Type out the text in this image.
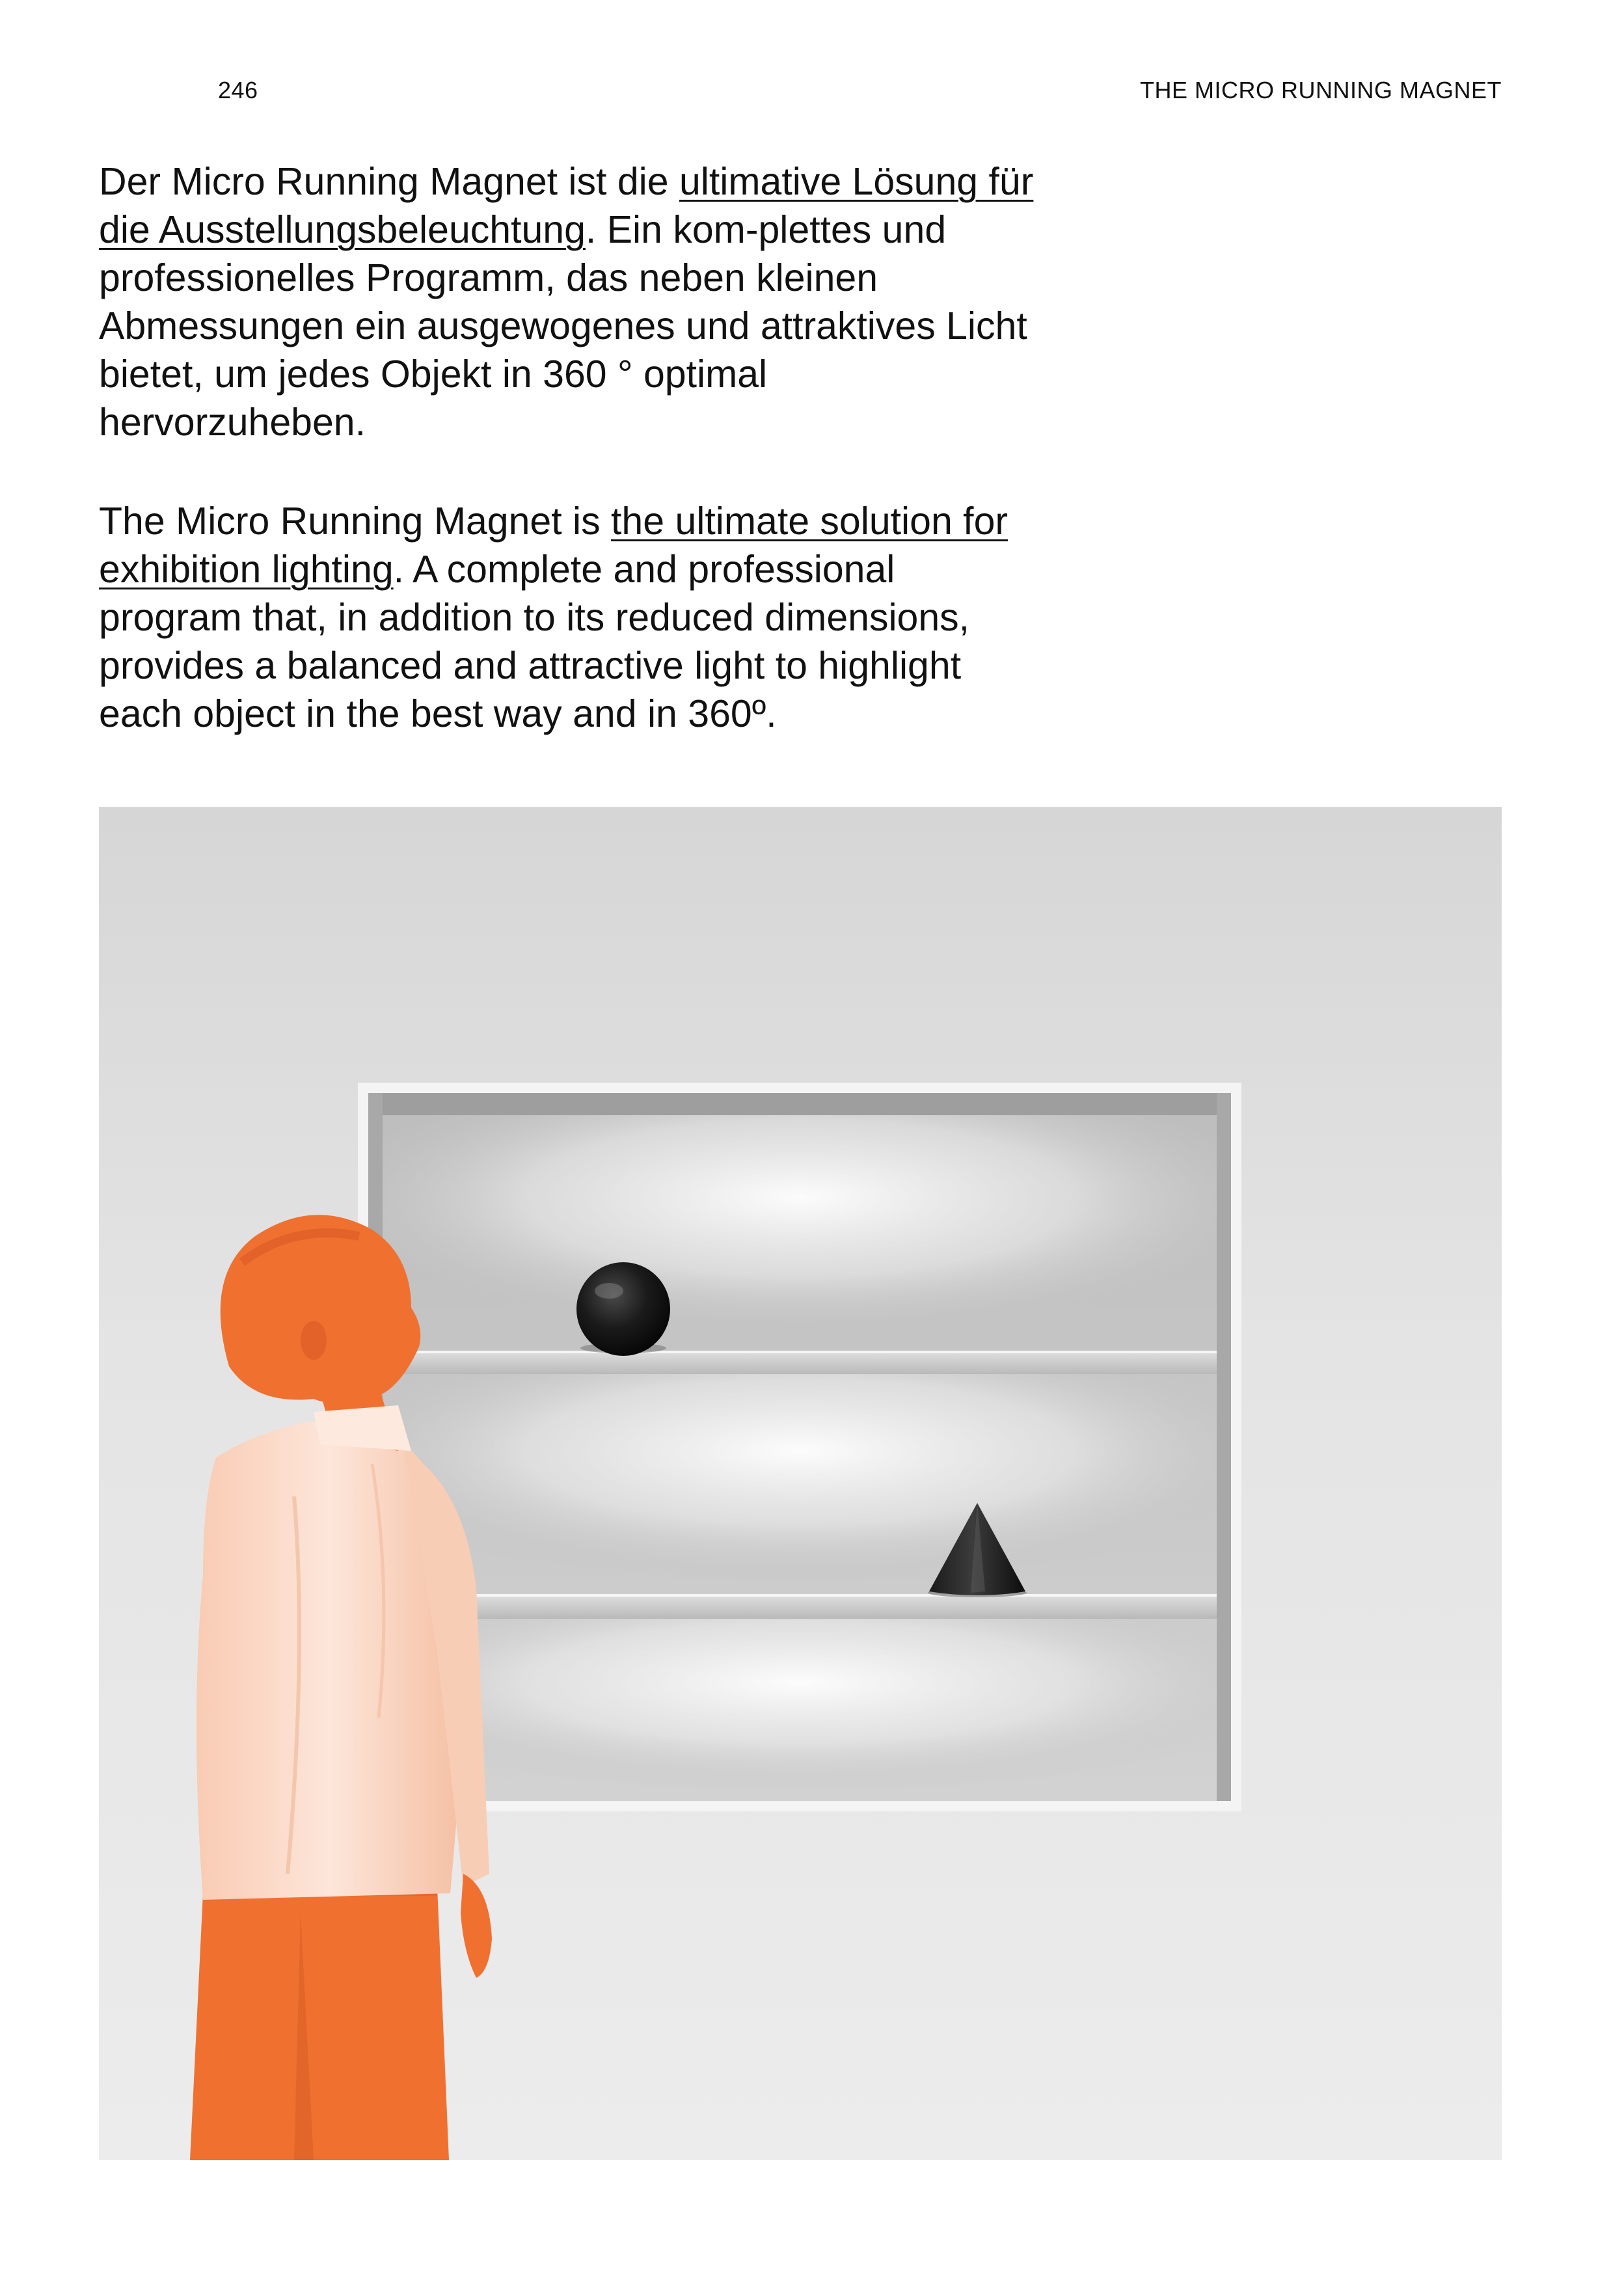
246	THE MICRO RUNNING MAGNET

Der Micro Running Magnet ist die ultimative Lösung für die Ausstellungsbeleuchtung. Ein kom-plettes und professionelles Programm, das neben kleinen Abmessungen ein ausgewogenes und attraktives Licht bietet, um jedes Objekt in 360 ° optimal hervorzuheben.

The Micro Running Magnet is the ultimate solution for exhibition lighting. A complete and professional program that, in addition to its reduced dimensions, provides a balanced and attractive light to highlight each object in the best way and in 360º.
